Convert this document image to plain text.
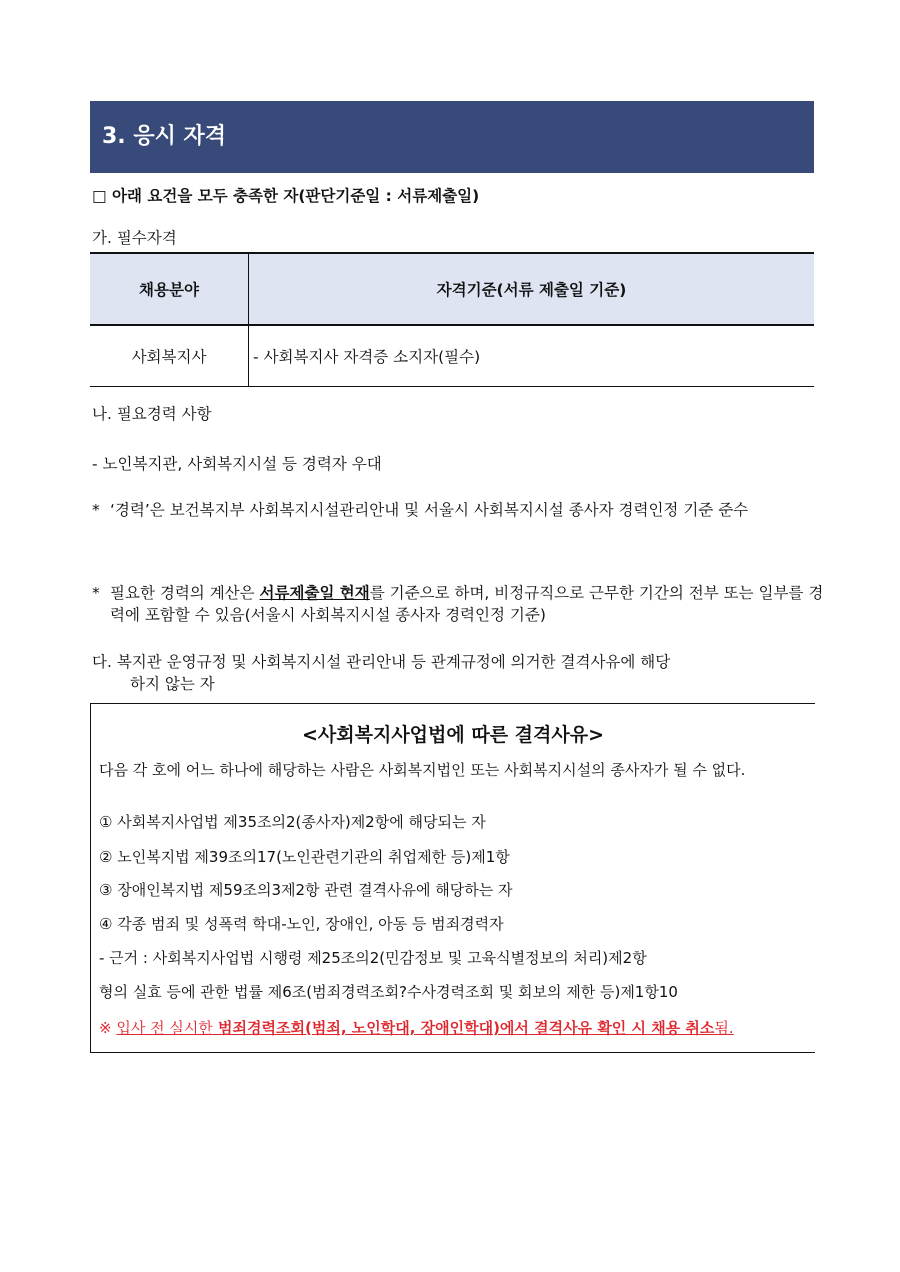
3. 응시 자격
□ 아래 요건을 모두 충족한 자(판단기준일 : 서류제출일)
가. 필수자격
채용분야	자격기준(서류 제출일 기준)
사회복지사	- 사회복지사 자격증 소지자(필수)
나. 필요경력 사항
- 노인복지관, 사회복지시설 등 경력자 우대
* ‘경력’은 보건복지부 사회복지시설관리안내 및 서울시 사회복지시설 종사자 경력인정 기준 준수
* 필요한 경력의 계산은 서류제출일 현재를 기준으로 하며, 비정규직으로 근무한 기간의 전부 또는 일부를 경력에 포함할 수 있음(서울시 사회복지시설 종사자 경력인정 기준)
다. 복지관 운영규정 및 사회복지시설 관리안내 등 관계규정에 의거한 결격사유에 해당
하지 않는 자
<사회복지사업법에 따른 결격사유>
다음 각 호에 어느 하나에 해당하는 사람은 사회복지법인 또는 사회복지시설의 종사자가 될 수 없다.
① 사회복지사업법 제35조의2(종사자)제2항에 해당되는 자
② 노인복지법 제39조의17(노인관련기관의 취업제한 등)제1항
③ 장애인복지법 제59조의3제2항 관련 결격사유에 해당하는 자
④ 각종 범죄 및 성폭력 학대-노인, 장애인, 아동 등 범죄경력자
- 근거 : 사회복지사업법 시행령 제25조의2(민감정보 및 고육식별정보의 처리)제2항
형의 실효 등에 관한 법률 제6조(범죄경력조회?수사경력조회 및 회보의 제한 등)제1항10
※ 입사 전 실시한 범죄경력조회(범죄, 노인학대, 장애인학대)에서 결격사유 확인 시 채용 취소됨.
